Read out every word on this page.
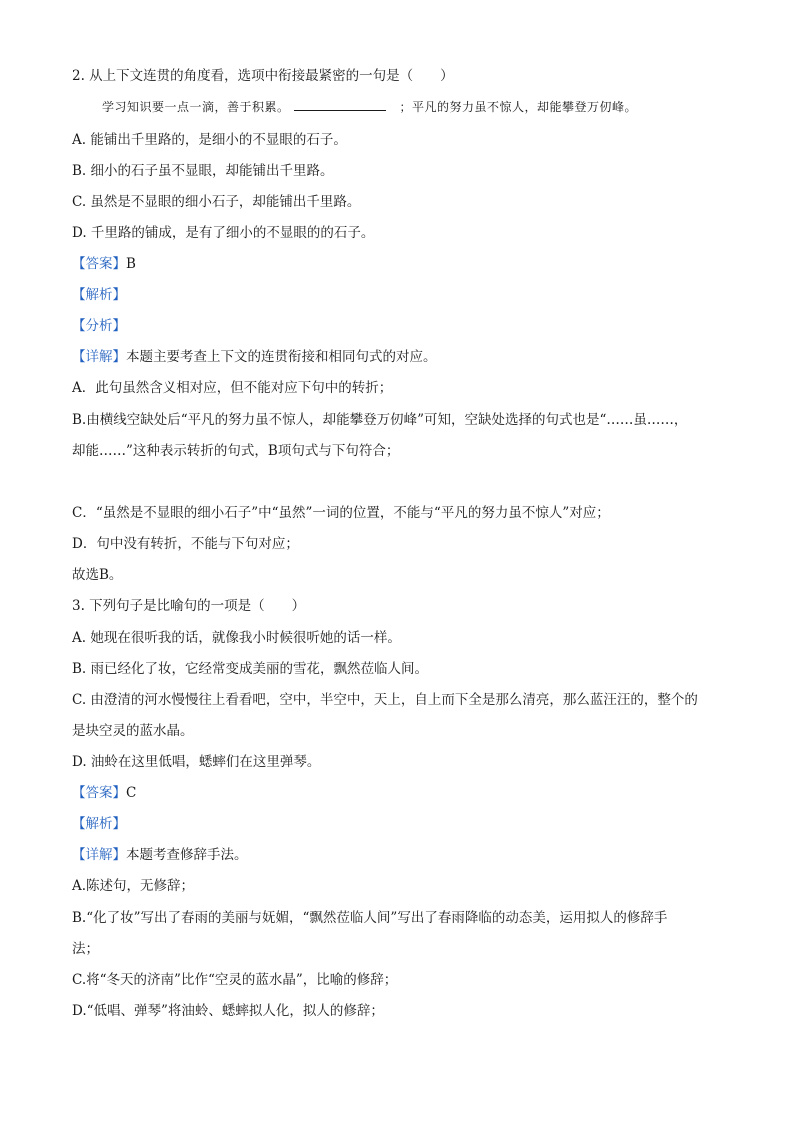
2. 从上下文连贯的角度看，选项中衔接最紧密的一句是（　　）
学习知识要一点一滴，善于积累。	；平凡的努力虽不惊人，却能攀登万仞峰。
A. 能铺出千里路的，是细小的不显眼的石子。
B. 细小的石子虽不显眼，却能铺出千里路。
C. 虽然是不显眼的细小石子，却能铺出千里路。
D. 千里路的铺成，是有了细小的不显眼的的石子。
【答案】B
【解析】
【分析】
【详解】本题主要考查上下文的连贯衔接和相同句式的对应。
A．此句虽然含义相对应，但不能对应下句中的转折；
B.由横线空缺处后“平凡的努力虽不惊人，却能攀登万仞峰”可知，空缺处选择的句式也是“……虽……，
却能……”这种表示转折的句式，B项句式与下句符合；
C．“虽然是不显眼的细小石子”中“虽然”一词的位置，不能与“平凡的努力虽不惊人”对应；
D．句中没有转折，不能与下句对应；
故选B。
3. 下列句子是比喻句的一项是（　　）
A. 她现在很听我的话，就像我小时候很听她的话一样。
B. 雨已经化了妆，它经常变成美丽的雪花，飘然莅临人间。
C. 由澄清的河水慢慢往上看看吧，空中，半空中，天上，自上而下全是那么清亮，那么蓝汪汪的，整个的
是块空灵的蓝水晶。
D. 油蛉在这里低唱，蟋蟀们在这里弹琴。
【答案】C
【解析】
【详解】本题考查修辞手法。
A.陈述句，无修辞；
B.“化了妆”写出了春雨的美丽与妩媚，“飘然莅临人间”写出了春雨降临的动态美，运用拟人的修辞手
法；
C.将“冬天的济南”比作“空灵的蓝水晶”，比喻的修辞；
D.“低唱、弹琴”将油蛉、蟋蟀拟人化，拟人的修辞；
